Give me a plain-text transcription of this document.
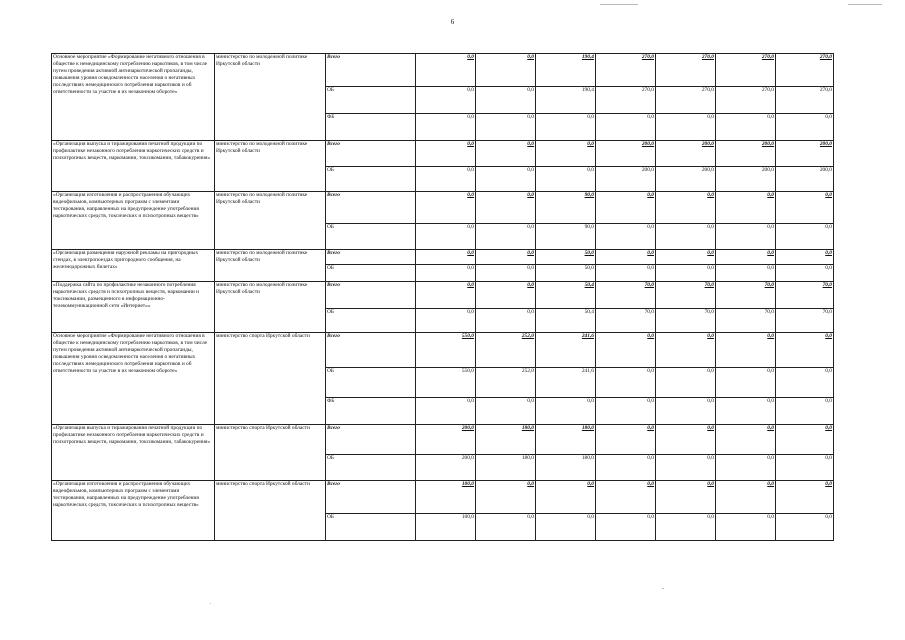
6
Основное мероприятие «Формирование негативного отношения в обществе к немедицинскому потреблению наркотиков, в том числе путем проведения активной антинаркотической пропаганды, повышения уровня осведомленности населения о негативных последствиях немедицинского потребления наркотиков и об ответственности за участие в их незаконном обороте»	министерство по молодежной политике Иркутской области	Всего	0,0	0,0	190,4	270,0	270,0	270,0	270,0
		ОБ	0,0	0,0	190,4	270,0	270,0	270,0	270,0
		ФБ	0,0	0,0	0,0	0,0	0,0	0,0	0,0
«Организация выпуска и тиражирования печатной продукции по профилактике незаконного потребления наркотических средств и психотропных веществ, наркомании, токсикомании, табакокурения»	министерство по молодежной политике Иркутской области	Всего	0,0	0,0	0,0	200,0	200,0	200,0	200,0
		ОБ	0,0	0,0	0,0	200,0	200,0	200,0	200,0
«Организация изготовления и распространения обучающих видеофильмов, компьютерных программ с элементами тестирования, направленных на предупреждение употребления наркотических средств, токсических и психотропных веществ»	министерство по молодежной политике Иркутской области	Всего	0,0	0,0	90,0	0,0	0,0	0,0	0,0
		ОБ	0,0	0,0	90,0	0,0	0,0	0,0	0,0
«Организация размещения наружной рекламы на пригородных стендах, в электропоездах пригородного сообщения, на железнодорожных билетах»	министерство по молодежной политике Иркутской области	Всего	0,0	0,0	50,0	0,0	0,0	0,0	0,0
		ОБ	0,0	0,0	50,0	0,0	0,0	0,0	0,0
«Поддержка сайта по профилактике незаконного потребления наркотических средств и психотропных веществ, наркомании и токсикомании, размещенного в информационно-телекоммуникационной сети «Интернет»»	министерство по молодежной политике Иркутской области	Всего	0,0	0,0	50,4	70,0	70,0	70,0	70,0
		ОБ	0,0	0,0	50,4	70,0	70,0	70,0	70,0
Основное мероприятие «Формирование негативного отношения в обществе к немедицинскому потреблению наркотиков, в том числе путем проведения активной антинаркотической пропаганды, повышения уровня осведомленности населения о негативных последствиях немедицинского потребления наркотиков и об ответственности за участие в их незаконном обороте»	министерство спорта Иркутской области	Всего	550,0	252,0	241,6	0,0	0,0	0,0	0,0
		ОБ	550,0	252,0	241,6	0,0	0,0	0,0	0,0
		ФБ	0,0	0,0	0,0	0,0	0,0	0,0	0,0
«Организация выпуска и тиражирования печатной продукции по профилактике незаконного потребления наркотических средств и психотропных веществ, наркомании, токсикомании, табакокурения»	министерство спорта Иркутской области	Всего	200,0	180,0	180,0	0,0	0,0	0,0	0,0
		ОБ	200,0	180,0	180,0	0,0	0,0	0,0	0,0
«Организация изготовления и распространения обучающих видеофильмов, компьютерных программ с элементами тестирования, направленных на предупреждение употребления наркотических средств, токсических и психотропных веществ»	министерство спорта Иркутской области	Всего	100,0	0,0	0,0	0,0	0,0	0,0	0,0
		ОБ	100,0	0,0	0,0	0,0	0,0	0,0	0,0
